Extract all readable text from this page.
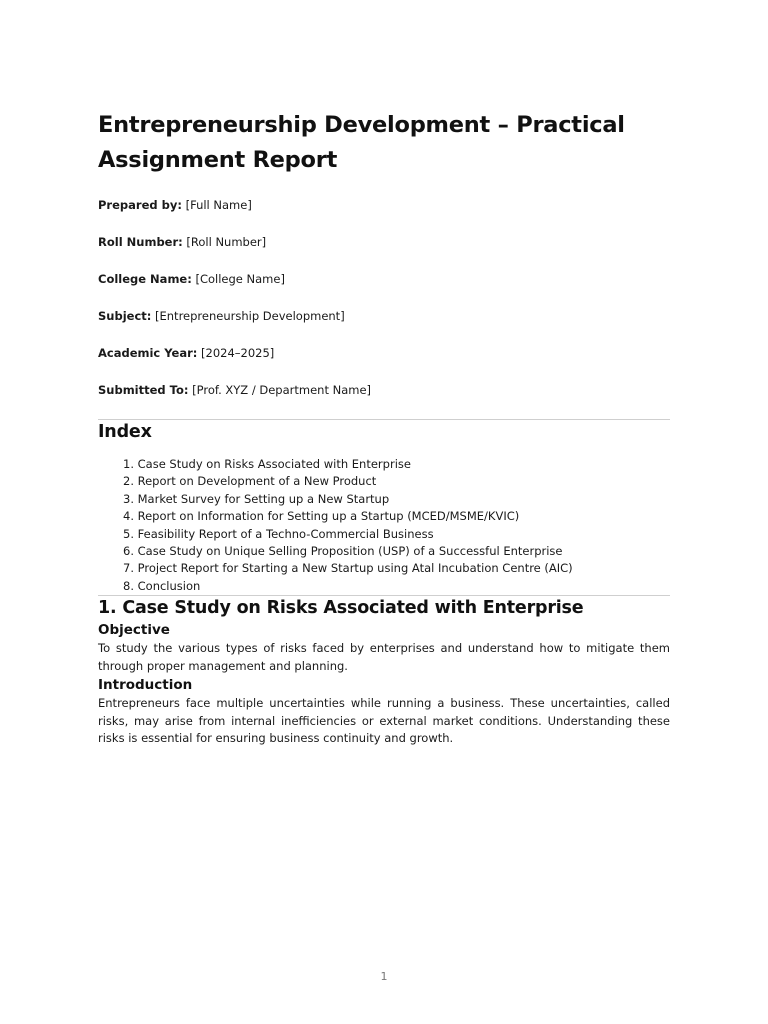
Entrepreneurship Development – Practical Assignment Report

Prepared by: [Full Name]

Roll Number: [Roll Number]

College Name: [College Name]

Subject: [Entrepreneurship Development]

Academic Year: [2024–2025]

Submitted To: [Prof. XYZ / Department Name]

Index
1. Case Study on Risks Associated with Enterprise
2. Report on Development of a New Product
3. Market Survey for Setting up a New Startup
4. Report on Information for Setting up a Startup (MCED/MSME/KVIC)
5. Feasibility Report of a Techno-Commercial Business
6. Case Study on Unique Selling Proposition (USP) of a Successful Enterprise
7. Project Report for Starting a New Startup using Atal Incubation Centre (AIC)
8. Conclusion
1. Case Study on Risks Associated with Enterprise
Objective

To study the various types of risks faced by enterprises and understand how to mitigate them through proper management and planning.

Introduction

Entrepreneurs face multiple uncertainties while running a business. These uncertainties, called risks, may arise from internal inefficiencies or external market conditions. Understanding these risks is essential for ensuring business continuity and growth.

1
